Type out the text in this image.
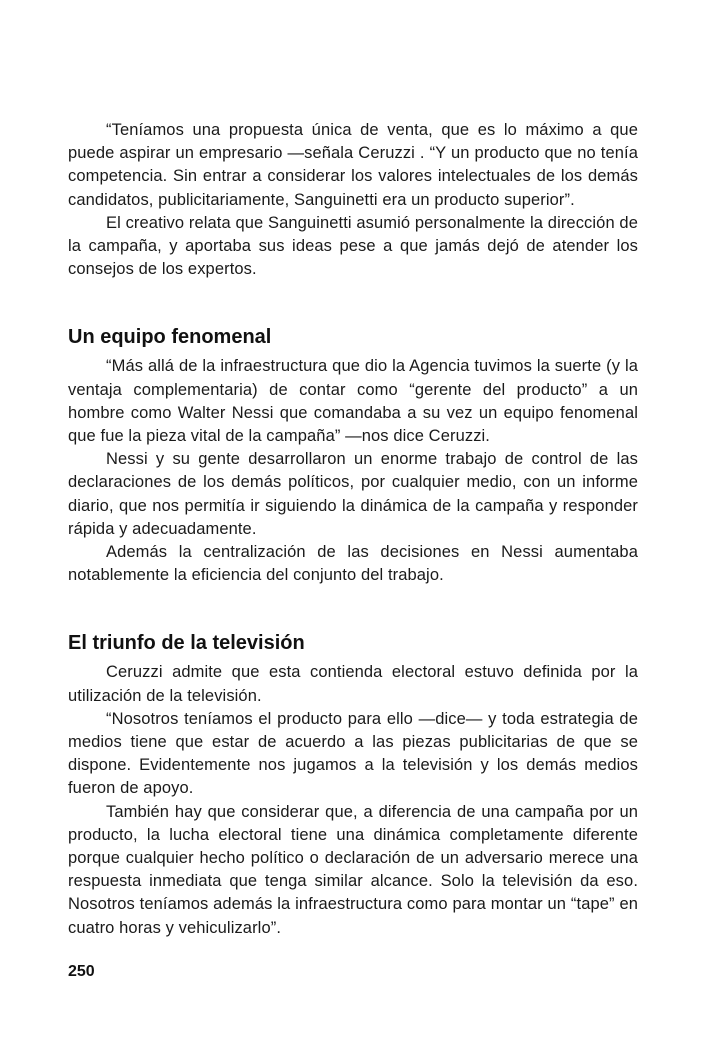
“Teníamos una propuesta única de venta, que es lo máximo a que puede aspirar un empresario —señala Ceruzzi . “Y un producto que no tenía competencia. Sin entrar a considerar los valores intelectuales de los demás candidatos, publicitariamente, Sanguinetti era un producto superior”.

El creativo relata que Sanguinetti asumió personalmente la dirección de la campaña, y aportaba sus ideas pese a que jamás dejó de atender los consejos de los expertos.

Un equipo fenomenal

“Más allá de la infraestructura que dio la Agencia tuvimos la suerte (y la ventaja complementaria) de contar como “gerente del producto” a un hombre como Walter Nessi que comandaba a su vez un equipo fenomenal que fue la pieza vital de la campaña” —nos dice Ceruzzi.

Nessi y su gente desarrollaron un enorme trabajo de control de las declaraciones de los demás políticos, por cualquier medio, con un informe diario, que nos permitía ir siguiendo la dinámica de la campaña y responder rápida y adecuadamente.

Además la centralización de las decisiones en Nessi aumentaba notablemente la eficiencia del conjunto del trabajo.

El triunfo de la televisión

Ceruzzi admite que esta contienda electoral estuvo definida por la utilización de la televisión.

“Nosotros teníamos el producto para ello —dice— y toda estrategia de medios tiene que estar de acuerdo a las piezas publicitarias de que se dispone. Evidentemente nos jugamos a la televisión y los demás medios fueron de apoyo.

También hay que considerar que, a diferencia de una campaña por un producto, la lucha electoral tiene una dinámica completamente diferente porque cualquier hecho político o declaración de un adversario merece una respuesta inmediata que tenga similar alcance. Solo la televisión da eso. Nosotros teníamos además la infraestructura como para montar un “tape” en cuatro horas y vehiculizarlo”.

250
